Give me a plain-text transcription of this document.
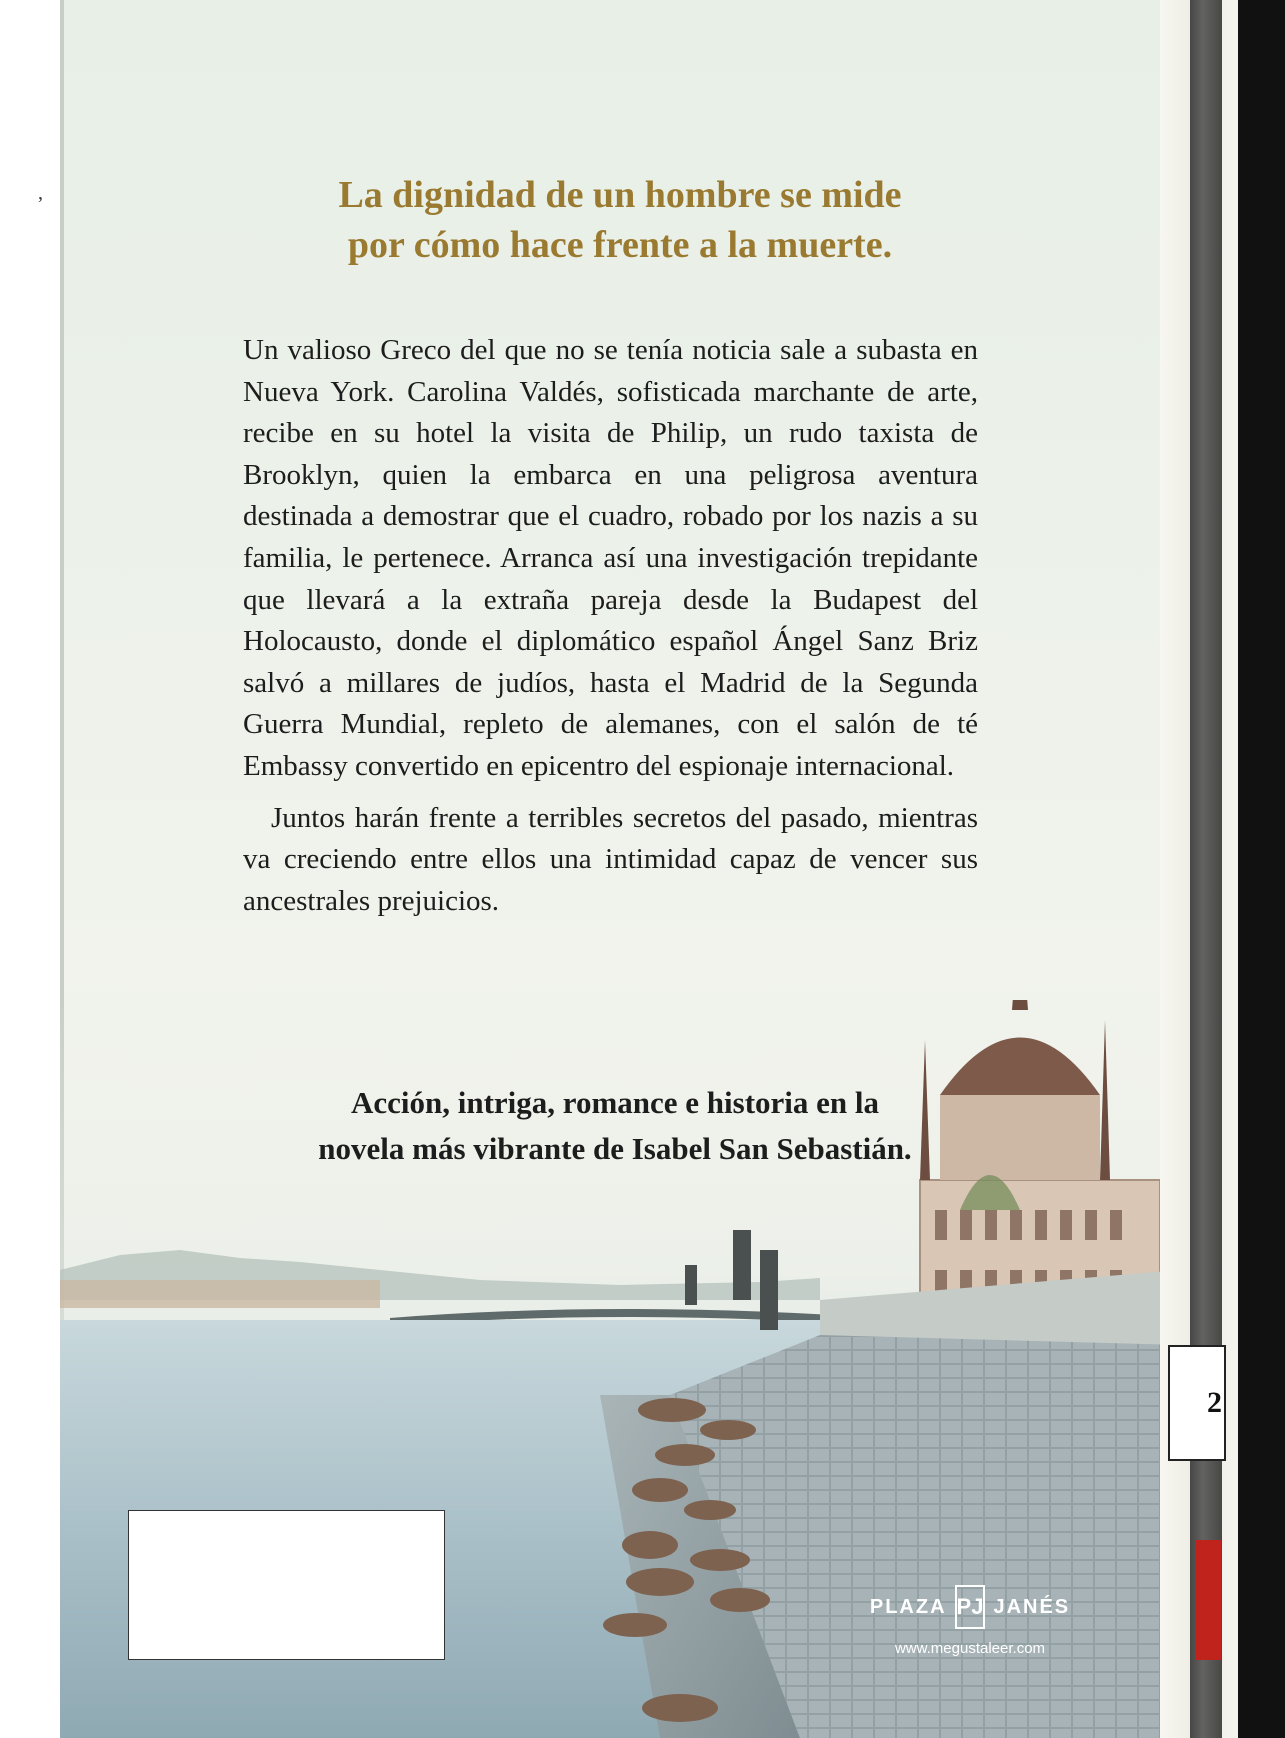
,	La dignidad de un hombre se mide
por cómo hace frente a la muerte.

Un valioso Greco del que no se tenía noticia sale a subasta en Nueva York. Carolina Valdés, sofisticada marchante de arte, recibe en su hotel la visita de Philip, un rudo taxista de Brooklyn, quien la embarca en una peligrosa aventura destinada a demostrar que el cuadro, robado por los nazis a su familia, le pertenece. Arranca así una investigación trepidante que llevará a la extraña pareja desde la Budapest del Holocausto, donde el diplomático español Ángel Sanz Briz salvó a millares de judíos, hasta el Madrid de la Segunda Guerra Mundial, repleto de alemanes, con el salón de té Embassy convertido en epicentro del espionaje internacional.

Juntos harán frente a terribles secretos del pasado, mientras va creciendo entre ellos una intimidad capaz de vencer sus ancestrales prejuicios.

Acción, intriga, romance e historia en la
novela más vibrante de Isabel San Sebastián.
PLAZA PJ JANÉS
www.megustaleer.com
2
